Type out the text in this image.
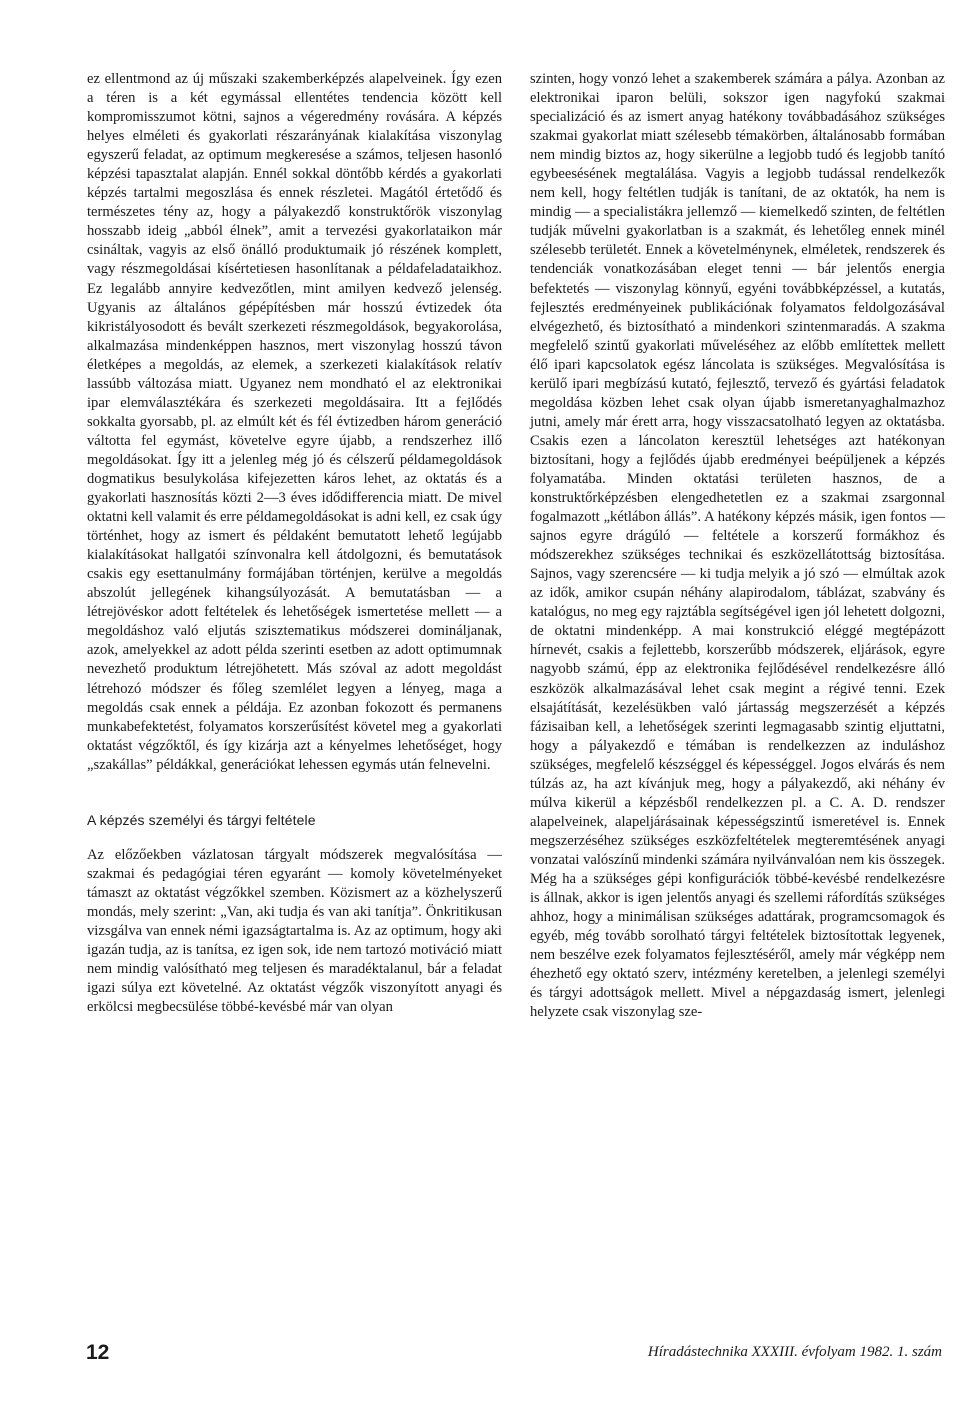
ez ellentmond az új műszaki szakemberképzés alapelveinek. Így ezen a téren is a két egymással ellentétes tendencia között kell kompromisszumot kötni, sajnos a végeredmény rovására. A képzés helyes elméleti és gyakorlati részarányának kialakítása viszonylag egyszerű feladat, az optimum megkeresése a számos, teljesen hasonló képzési tapasztalat alapján. Ennél sokkal döntőbb kérdés a gyakorlati képzés tartalmi megoszlása és ennek részletei. Magától értetődő és természetes tény az, hogy a pályakezdő konstruktőrök viszonylag hosszabb ideig „abból élnek”, amit a tervezési gyakorlataikon már csináltak, vagyis az első önálló produktumaik jó részének komplett, vagy részmegoldásai kísértetiesen hasonlítanak a példafeladataikhoz. Ez legalább annyire kedvezőtlen, mint amilyen kedvező jelenség. Ugyanis az általános gépépítésben már hosszú évtizedek óta kikristályosodott és bevált szerkezeti részmegoldások, begyakorolása, alkalmazása mindenképpen hasznos, mert viszonylag hosszú távon életképes a megoldás, az elemek, a szerkezeti kialakítások relatív lassúbb változása miatt. Ugyanez nem mondható el az elektronikai ipar elemválasztékára és szerkezeti megoldásaira. Itt a fejlődés sokkalta gyorsabb, pl. az elmúlt két és fél évtizedben három generáció váltotta fel egymást, követelve egyre újabb, a rendszerhez illő megoldásokat. Így itt a jelenleg még jó és célszerű példamegoldások dogmatikus besulykolása kifejezetten káros lehet, az oktatás és a gyakorlati hasznosítás közti 2—3 éves idődifferencia miatt. De mivel oktatni kell valamit és erre példamegoldásokat is adni kell, ez csak úgy történhet, hogy az ismert és példaként bemutatott lehető legújabb kialakításokat hallgatói színvonalra kell átdolgozni, és bemutatások csakis egy esettanulmány formájában történjen, kerülve a megoldás abszolút jellegének kihangsúlyozását. A bemutatásban — a létrejövéskor adott feltételek és lehetőségek ismertetése mellett — a megoldáshoz való eljutás szisztematikus módszerei domináljanak, azok, amelyekkel az adott példa szerinti esetben az adott optimumnak nevezhető produktum létrejöhetett. Más szóval az adott megoldást létrehozó módszer és főleg szemlélet legyen a lényeg, maga a megoldás csak ennek a példája. Ez azonban fokozott és permanens munkabefektetést, folyamatos korszerűsítést követel meg a gyakorlati oktatást végzőktől, és így kizárja azt a kényelmes lehetőséget, hogy „szakállas” példákkal, generációkat lehessen egymás után felnevelni.

A képzés személyi és tárgyi feltétele

Az előzőekben vázlatosan tárgyalt módszerek megvalósítása — szakmai és pedagógiai téren egyaránt — komoly követelményeket támaszt az oktatást végzőkkel szemben. Közismert az a közhelyszerű mondás, mely szerint: „Van, aki tudja és van aki tanítja”. Önkritikusan vizsgálva van ennek némi igazságtartalma is. Az az optimum, hogy aki igazán tudja, az is tanítsa, ez igen sok, ide nem tartozó motiváció miatt nem mindig valósítható meg teljesen és maradéktalanul, bár a feladat igazi súlya ezt követelné. Az oktatást végzők viszonyított anyagi és erkölcsi megbecsülése többé-kevésbé már van olyan

szinten, hogy vonzó lehet a szakemberek számára a pálya. Azonban az elektronikai iparon belüli, sokszor igen nagyfokú szakmai specializáció és az ismert anyag hatékony továbbadásához szükséges szakmai gyakorlat miatt szélesebb témakörben, általánosabb formában nem mindig biztos az, hogy sikerülne a legjobb tudó és legjobb tanító egybeesésének megtalálása. Vagyis a legjobb tudással rendelkezők nem kell, hogy feltétlen tudják is tanítani, de az oktatók, ha nem is mindig — a specialistákra jellemző — kiemelkedő szinten, de feltétlen tudják művelni gyakorlatban is a szakmát, és lehetőleg ennek minél szélesebb területét. Ennek a követelménynek, elméletek, rendszerek és tendenciák vonatkozásában eleget tenni — bár jelentős energia befektetés — viszonylag könnyű, egyéni továbbképzéssel, a kutatás, fejlesztés eredményeinek publikációnak folyamatos feldolgozásával elvégezhető, és biztosítható a mindenkori szintenmaradás. A szakma megfelelő szintű gyakorlati műveléséhez az előbb említettek mellett élő ipari kapcsolatok egész láncolata is szükséges. Megvalósítása is kerülő ipari megbízású kutató, fejlesztő, tervező és gyártási feladatok megoldása közben lehet csak olyan újabb ismeretanyaghalmazhoz jutni, amely már érett arra, hogy visszacsatolható legyen az oktatásba. Csakis ezen a láncolaton keresztül lehetséges azt hatékonyan biztosítani, hogy a fejlődés újabb eredményei beépüljenek a képzés folyamatába. Minden oktatási területen hasznos, de a konstruktőrképzésben elengedhetetlen ez a szakmai zsargonnal fogalmazott „kétlábon állás”. A hatékony képzés másik, igen fontos — sajnos egyre drágúló — feltétele a korszerű formákhoz és módszerekhez szükséges technikai és eszközellátottság biztosítása. Sajnos, vagy szerencsére — ki tudja melyik a jó szó — elmúltak azok az idők, amikor csupán néhány alapirodalom, táblázat, szabvány és katalógus, no meg egy rajztábla segítségével igen jól lehetett dolgozni, de oktatni mindenképp. A mai konstrukció eléggé megtépázott hírnevét, csakis a fejlettebb, korszerűbb módszerek, eljárások, egyre nagyobb számú, épp az elektronika fejlődésével rendelkezésre álló eszközök alkalmazásával lehet csak megint a régivé tenni. Ezek elsajátítását, kezelésükben való jártasság megszerzését a képzés fázisaiban kell, a lehetőségek szerinti legmagasabb szintig eljuttatni, hogy a pályakezdő e témában is rendelkezzen az induláshoz szükséges, megfelelő készséggel és képességgel. Jogos elvárás és nem túlzás az, ha azt kívánjuk meg, hogy a pályakezdő, aki néhány év múlva kikerül a képzésből rendelkezzen pl. a C. A. D. rendszer alapelveinek, alapeljárásainak képességszintű ismeretével is. Ennek megszerzéséhez szükséges eszközfeltételek megteremtésének anyagi vonzatai valószínű mindenki számára nyilvánvalóan nem kis összegek. Még ha a szükséges gépi konfigurációk többé-kevésbé rendelkezésre is állnak, akkor is igen jelentős anyagi és szellemi ráfordítás szükséges ahhoz, hogy a minimálisan szükséges adattárak, programcsomagok és egyéb, még tovább sorolható tárgyi feltételek biztosítottak legyenek, nem beszélve ezek folyamatos fejlesztéséről, amely már végképp nem éhezhető egy oktató szerv, intézmény keretelben, a jelenlegi személyi és tárgyi adottságok mellett. Mivel a népgazdaság ismert, jelenlegi helyzete csak viszonylag sze-

12	Híradástechnika XXXIII. évfolyam 1982. 1. szám
